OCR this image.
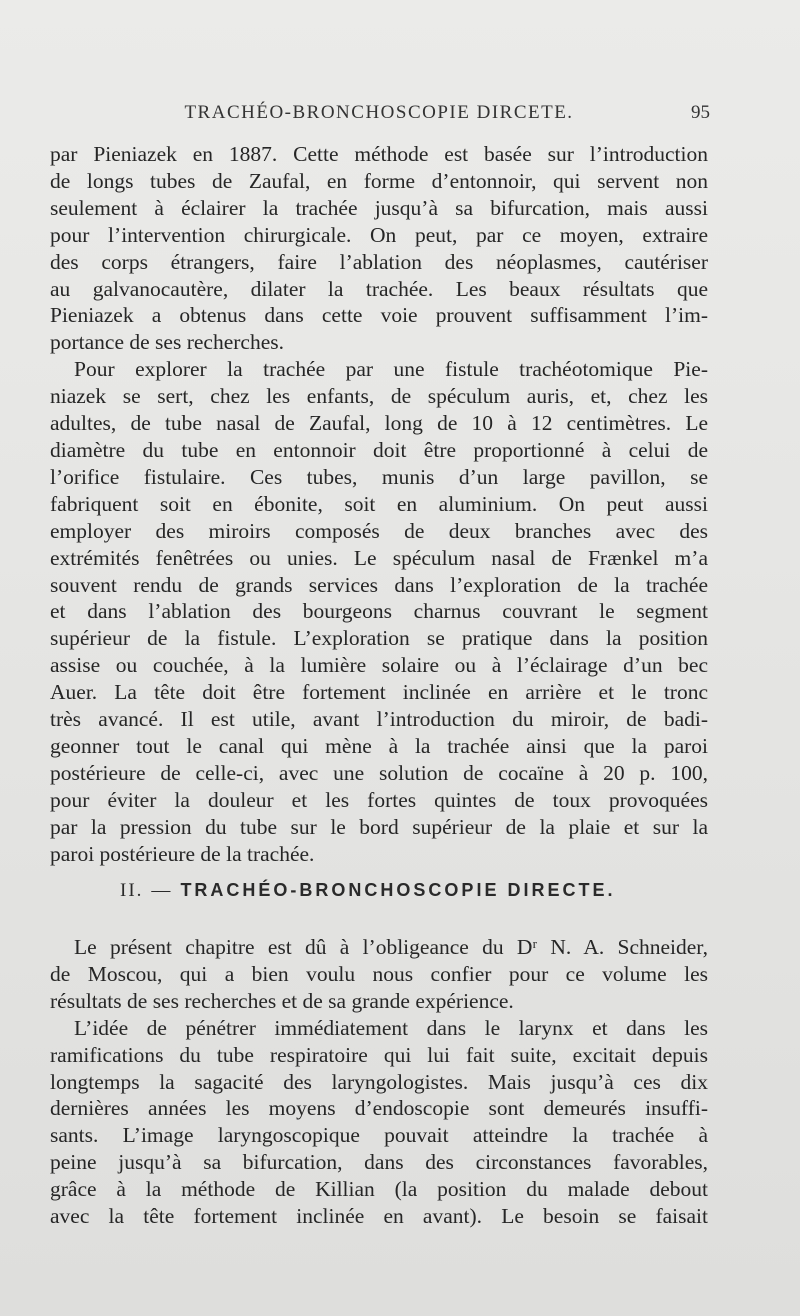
TRACHÉO-BRONCHOSCOPIE DIRCETE.	95

par Pieniazek en 1887. Cette méthode est basée sur l’introduction

de longs tubes de Zaufal, en forme d’entonnoir, qui servent non

seulement à éclairer la trachée jusqu’à sa bifurcation, mais aussi

pour l’intervention chirurgicale. On peut, par ce moyen, extraire

des corps étrangers, faire l’ablation des néoplasmes, cautériser

au galvanocautère, dilater la trachée. Les beaux résultats que

Pieniazek a obtenus dans cette voie prouvent suffisamment l’im-

portance de ses recherches.

Pour explorer la trachée par une fistule trachéotomique Pie-

niazek se sert, chez les enfants, de spéculum auris, et, chez les

adultes, de tube nasal de Zaufal, long de 10 à 12 centimètres. Le

diamètre du tube en entonnoir doit être proportionné à celui de

l’orifice fistulaire. Ces tubes, munis d’un large pavillon, se

fabriquent soit en ébonite, soit en aluminium. On peut aussi

employer des miroirs composés de deux branches avec des

extrémités fenêtrées ou unies. Le spéculum nasal de Frænkel m’a

souvent rendu de grands services dans l’exploration de la trachée

et dans l’ablation des bourgeons charnus couvrant le segment

supérieur de la fistule. L’exploration se pratique dans la position

assise ou couchée, à la lumière solaire ou à l’éclairage d’un bec

Auer. La tête doit être fortement inclinée en arrière et le tronc

très avancé. Il est utile, avant l’introduction du miroir, de badi-

geonner tout le canal qui mène à la trachée ainsi que la paroi

postérieure de celle-ci, avec une solution de cocaïne à 20 p. 100,

pour éviter la douleur et les fortes quintes de toux provoquées

par la pression du tube sur le bord supérieur de la plaie et sur la

paroi postérieure de la trachée.

II. — TRACHÉO-BRONCHOSCOPIE DIRECTE.

Le présent chapitre est dû à l’obligeance du Dʳ N. A. Schneider,

de Moscou, qui a bien voulu nous confier pour ce volume les

résultats de ses recherches et de sa grande expérience.

L’idée de pénétrer immédiatement dans le larynx et dans les

ramifications du tube respiratoire qui lui fait suite, excitait depuis

longtemps la sagacité des laryngologistes. Mais jusqu’à ces dix

dernières années les moyens d’endoscopie sont demeurés insuffi-

sants. L’image laryngoscopique pouvait atteindre la trachée à

peine jusqu’à sa bifurcation, dans des circonstances favorables,

grâce à la méthode de Killian (la position du malade debout

avec la tête fortement inclinée en avant). Le besoin se faisait
